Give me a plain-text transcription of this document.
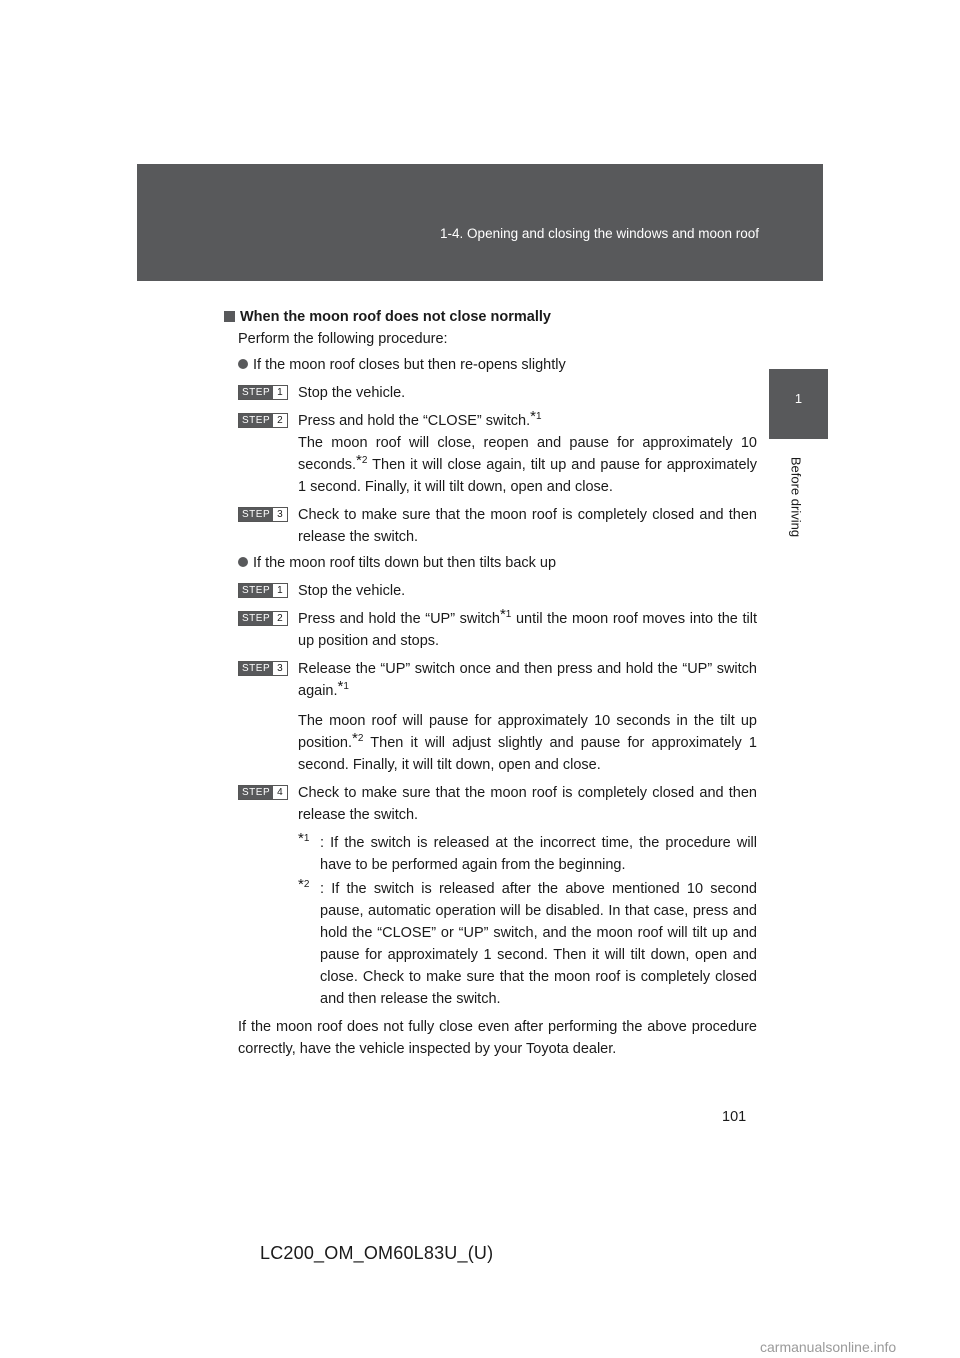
1-4. Opening and closing the windows and moon roof
1
Before driving
When the moon roof does not close normally
Perform the following procedure:
If the moon roof closes but then re-opens slightly
STEP 1 Stop the vehicle.
STEP 2 Press and hold the “CLOSE” switch.*$^1$
The moon roof will close, reopen and pause for approximately 10 seconds.*$^2$ Then it will close again, tilt up and pause for approximately 1 second. Finally, it will tilt down, open and close.
STEP 3 Check to make sure that the moon roof is completely closed and then release the switch.
If the moon roof tilts down but then tilts back up
STEP 1 Stop the vehicle.
STEP 2 Press and hold the “UP” switch*$^1$ until the moon roof moves into the tilt up position and stops.
STEP 3 Release the “UP” switch once and then press and hold the “UP” switch again.*$^1$
The moon roof will pause for approximately 10 seconds in the tilt up position.*$^2$ Then it will adjust slightly and pause for approximately 1 second. Finally, it will tilt down, open and close.
STEP 4 Check to make sure that the moon roof is completely closed and then release the switch.
*$^1$ : If the switch is released at the incorrect time, the procedure will have to be performed again from the beginning.
*$^2$ : If the switch is released after the above mentioned 10 second pause, automatic operation will be disabled. In that case, press and hold the “CLOSE” or “UP” switch, and the moon roof will tilt up and pause for approximately 1 second. Then it will tilt down, open and close. Check to make sure that the moon roof is completely closed and then release the switch.
If the moon roof does not fully close even after performing the above procedure correctly, have the vehicle inspected by your Toyota dealer.
101
LC200_OM_OM60L83U_(U)
carmanualsonline.info
